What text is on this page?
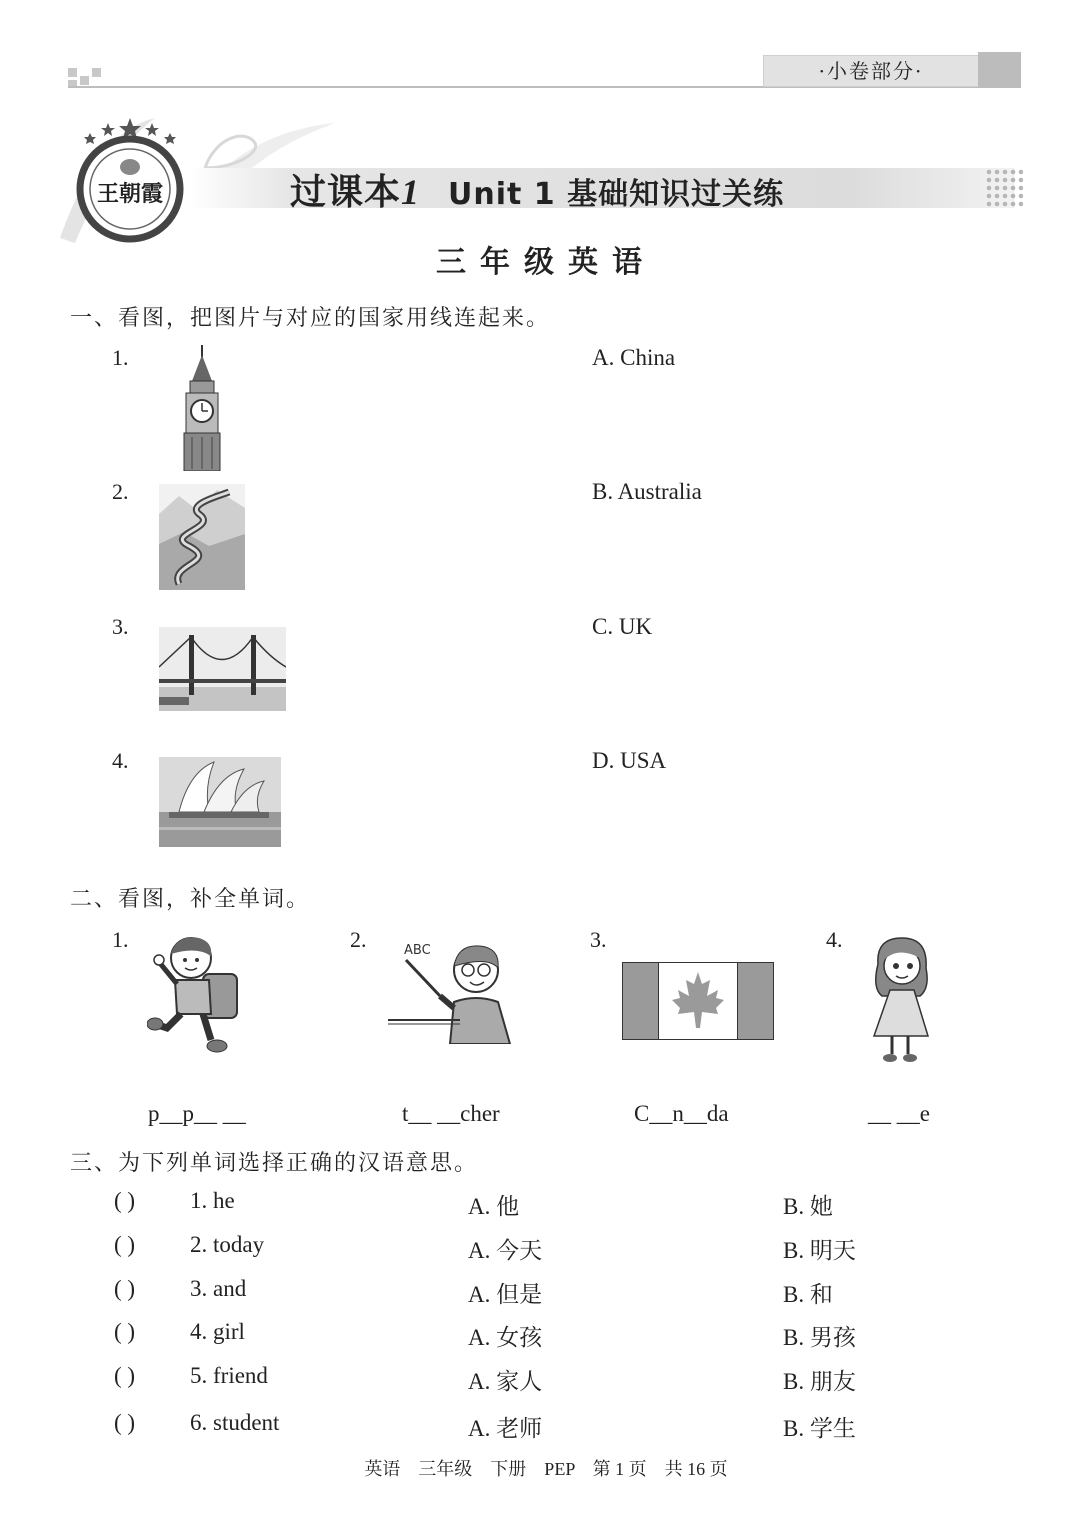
·小卷部分·
王朝霞	过课本1 Unit 1 基础知识过关练
三年级英语
一、看图，把图片与对应的国家用线连起来。
1.
2.
3.
4.
A. China
B. Australia
C. UK
D. USA
二、看图，补全单词。
1.	2.	3.	4.
ABC
p__p__ __	t__ __cher	C__n__da	__ __e
三、为下列单词选择正确的汉语意思。
( ) 1. he	A. 他	B. 她
( ) 2. today	A. 今天	B. 明天
( ) 3. and	A. 但是	B. 和
( ) 4. girl	A. 女孩	B. 男孩
( ) 5. friend	A. 家人	B. 朋友
( ) 6. student	A. 老师	B. 学生
英语    三年级    下册    PEP    第 1 页    共 16 页
